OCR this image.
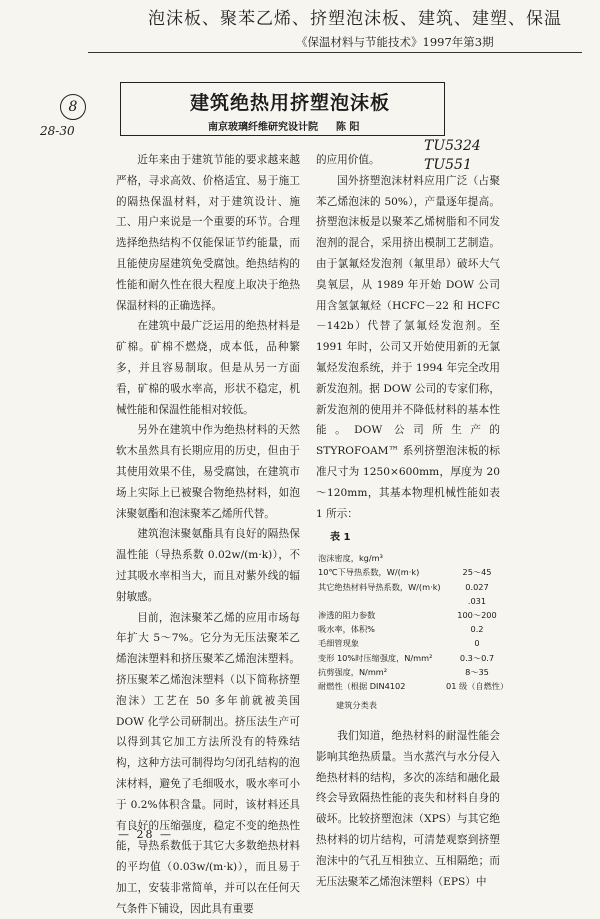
泡沫板、聚苯乙烯、挤塑泡沫板、建筑、建塑、保温
《保温材料与节能技术》1997年第3期
8
28-30
建筑绝热用挤塑泡沫板
南京玻璃纤维研究设计院 陈 阳
TU5324
TU551

近年来由于建筑节能的要求越来越严格，寻求高效、价格适宜、易于施工的隔热保温材料，对于建筑设计、施工、用户来说是一个重要的环节。合理选择绝热结构不仅能保证节约能量，而且能使房屋建筑免受腐蚀。绝热结构的性能和耐久性在很大程度上取决于绝热保温材料的正确选择。

在建筑中最广泛运用的绝热材料是矿棉。矿棉不燃烧，成本低，品种繁多，并且容易制取。但是从另一方面看，矿棉的吸水率高，形状不稳定，机械性能和保温性能相对较低。

另外在建筑中作为绝热材料的天然软木虽然具有长期应用的历史，但由于其使用效果不佳，易受腐蚀，在建筑市场上实际上已被聚合物绝热材料，如泡沫聚氨酯和泡沫聚苯乙烯所代替。

建筑泡沫聚氨酯具有良好的隔热保温性能（导热系数 0.02w/(m·k)），不过其吸水率相当大，而且对紫外线的辐射敏感。

目前，泡沫聚苯乙烯的应用市场每年扩大 5～7%。它分为无压法聚苯乙烯泡沫塑料和挤压聚苯乙烯泡沫塑料。挤压聚苯乙烯泡沫塑料（以下简称挤塑泡沫）工艺在 50 多年前就被美国 DOW 化学公司研制出。挤压法生产可以得到其它加工方法所没有的特殊结构，这种方法可制得均匀闭孔结构的泡沫材料，避免了毛细吸水，吸水率可小于 0.2%体积含量。同时，该材料还具有良好的压缩强度，稳定不变的绝热性能，导热系数低于其它大多数绝热材料的平均值（0.03w/(m·k)），而且易于加工，安装非常简单，并可以在任何天气条件下铺设，因此具有重要

的应用价值。

国外挤塑泡沫材料应用广泛（占聚苯乙烯泡沫的 50%），产量逐年提高。挤塑泡沫板是以聚苯乙烯树脂和不同发泡剂的混合，采用挤出模制工艺制造。由于氯氟烃发泡剂（氟里昂）破坏大气臭氧层，从 1989 年开始 DOW 公司用含氢氯氟烃（HCFC－22 和 HCFC－142b）代替了氯氟烃发泡剂。至 1991 年时，公司又开始使用新的无氯氟烃发泡系统，并于 1994 年完全改用新发泡剂。据 DOW 公司的专家们称，新发泡剂的使用并不降低材料的基本性能。DOW 公司所生产的 STYROFOAM™ 系列挤塑泡沫板的标准尺寸为 1250×600mm，厚度为 20～120mm，其基本物理机械性能如表 1 所示：

表 1
泡沫密度，kg/m³	
10℃下导热系数，W/(m·k)	25～45
其它绝热材料导热系数，W/(m·k)	0.027
	.031
渗透的阻力参数	100～200
吸水率，体积%	0.2
毛细管现象	0
变形 10%时压缩强度，N/mm²	0.3～0.7
抗剪强度，N/mm²	8～35
耐燃性（根据 DIN4102	01 级（自燃性）
建筑分类表

我们知道，绝热材料的耐湿性能会影响其绝热质量。当水蒸汽与水分侵入绝热材料的结构，多次的冻结和融化最终会导致隔热性能的丧失和材料自身的破坏。比较挤塑泡沫（XPS）与其它绝热材料的切片结构，可清楚观察到挤塑泡沫中的气孔互相独立、互相隔绝；而无压法聚苯乙烯泡沫塑料（EPS）中

— 28 —
